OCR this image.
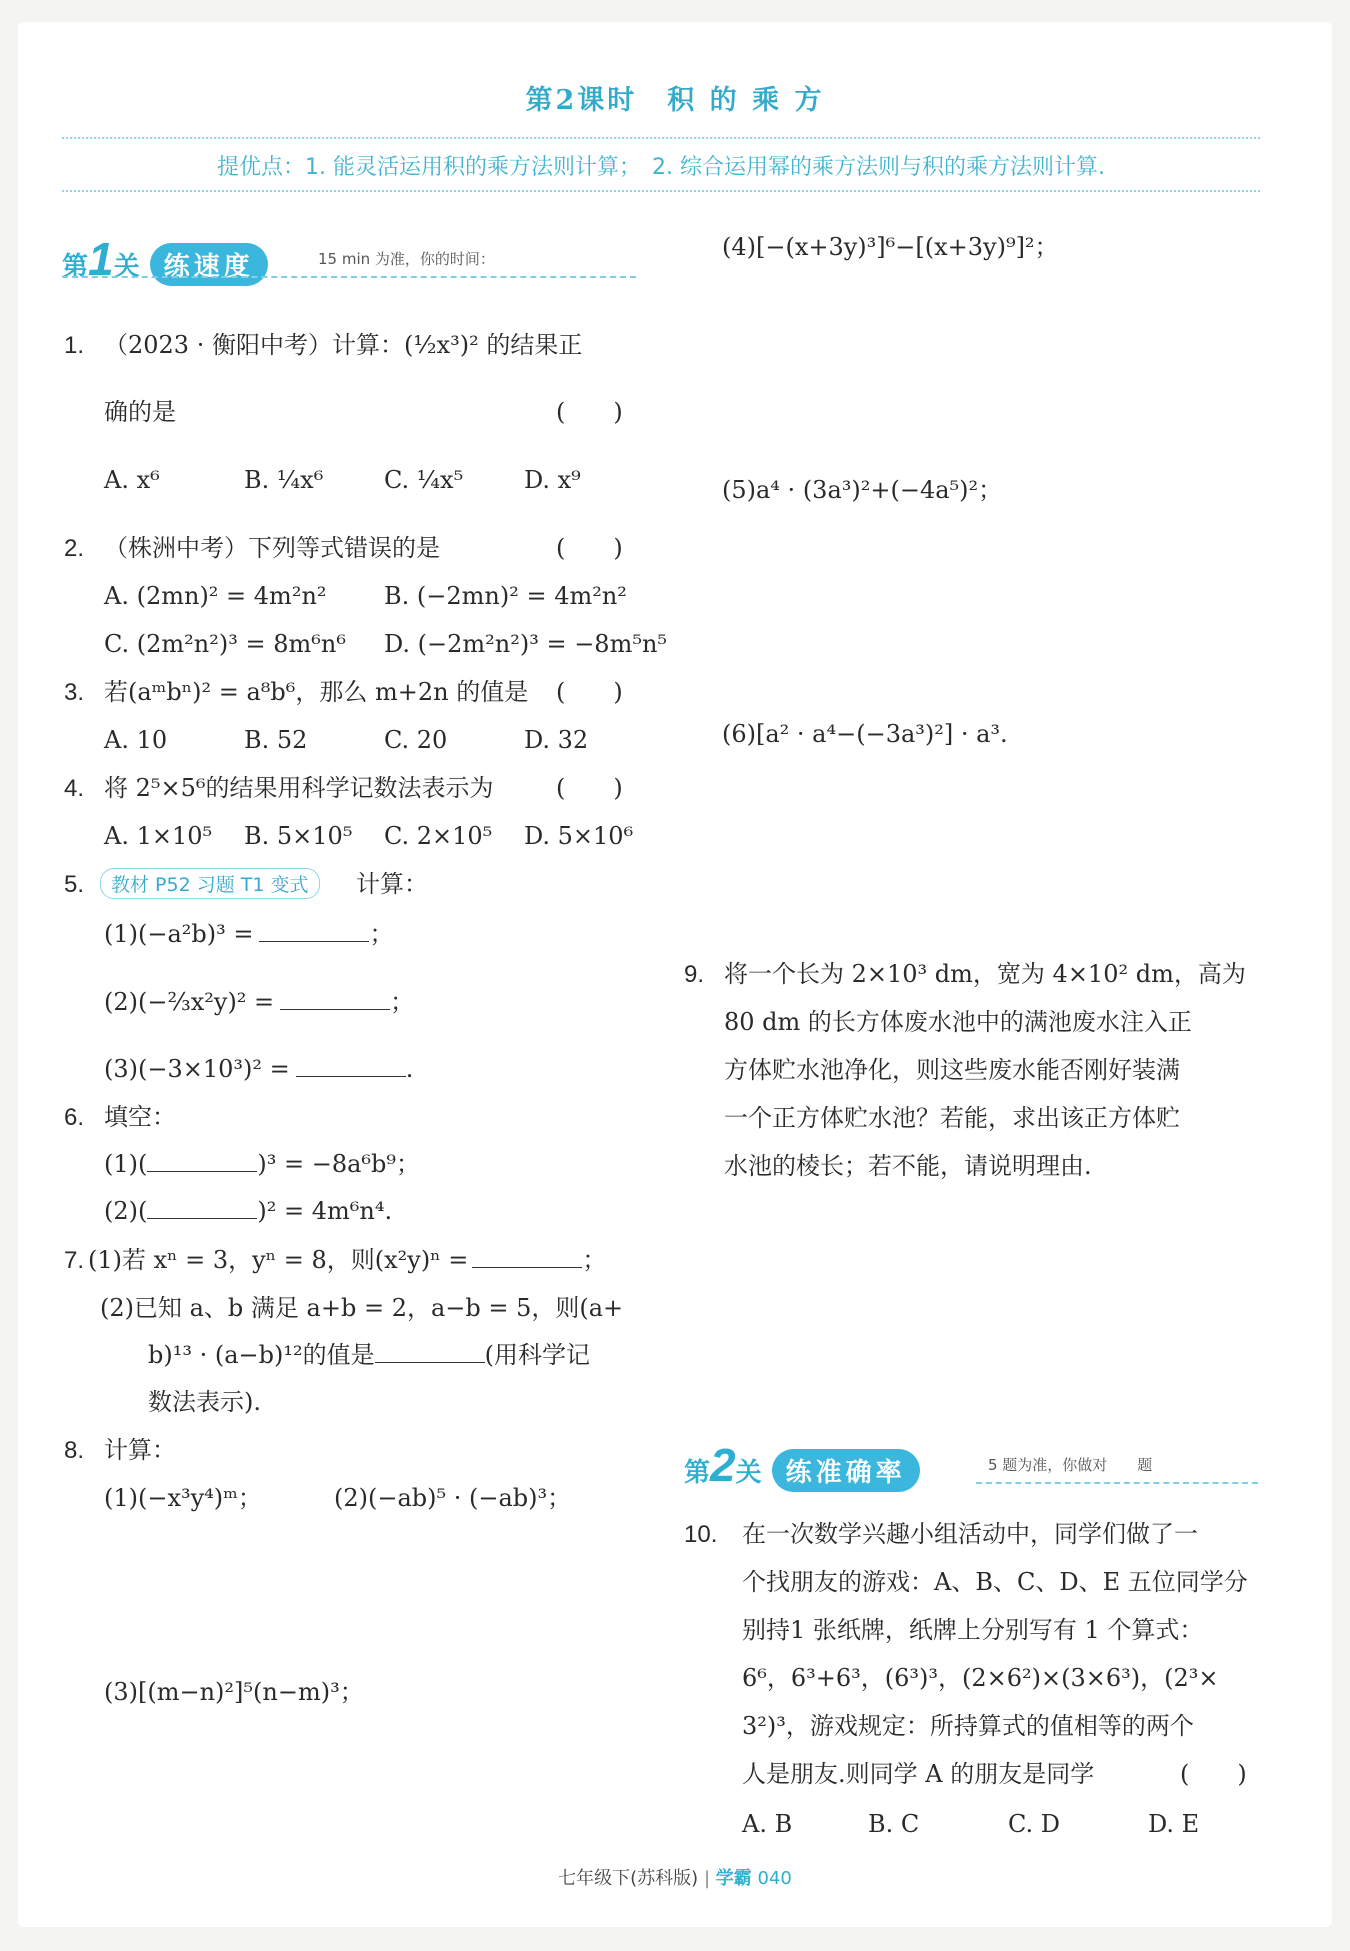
第2课时　积 的 乘 方
提优点：1. 能灵活运用积的乘方法则计算；　2. 综合运用幂的乘方法则与积的乘方法则计算.
第1关 练速度	15 min 为准，你的时间：
1. （2023 · 衡阳中考）计算：(½x³)² 的结果正
确的是	(　　)
A. x⁶	B. ¼x⁶	C. ¼x⁵	D. x⁹
2. （株洲中考）下列等式错误的是	(　　)
A. (2mn)² = 4m²n² B. (−2mn)² = 4m²n²
C. (2m²n²)³ = 8m⁶n⁶ D. (−2m²n²)³ = −8m⁵n⁵
3. 若(aᵐbⁿ)² = a⁸b⁶，那么 m+2n 的值是 (　　)
A. 10	B. 52	C. 20	D. 32
4. 将 2⁵×5⁶的结果用科学记数法表示为	(　　)
A. 1×10⁵ B. 5×10⁵ C. 2×10⁵ D. 5×10⁶
5.	教材 P52 习题 T1 变式	计算：
(1)(−a²b)³ =	；
(2)(−⅔x²y)² =	；
(3)(−3×10³)² =	.
6. 填空：
(1)(	)³ = −8a⁶b⁹；
(2)(	)² = 4m⁶n⁴.
7. (1)若 xⁿ = 3，yⁿ = 8，则(x²y)ⁿ =	；
(2)已知 a、b 满足 a+b = 2，a−b = 5，则(a+
b)¹³ · (a−b)¹²的值是	(用科学记
数法表示).
8. 计算：
(1)(−x³y⁴)ᵐ；	(2)(−ab)⁵ · (−ab)³；
(3)[(m−n)²]⁵(n−m)³；
(4)[−(x+3y)³]⁶−[(x+3y)⁹]²；
(5)a⁴ · (3a³)²+(−4a⁵)²；
(6)[a² · a⁴−(−3a³)²] · a³.
9. 将一个长为 2×10³ dm，宽为 4×10² dm，高为
80 dm 的长方体废水池中的满池废水注入正
方体贮水池净化，则这些废水能否刚好装满
一个正方体贮水池？若能，求出该正方体贮
水池的棱长；若不能，请说明理由.
第2关 练准确率	5 题为准，你做对　　题
10. 在一次数学兴趣小组活动中，同学们做了一
个找朋友的游戏：A、B、C、D、E 五位同学分
别持1 张纸牌，纸牌上分别写有 1 个算式：
6⁶，6³+6³，(6³)³，(2×6²)×(3×6³)，(2³×
3²)³，游戏规定：所持算式的值相等的两个
人是朋友.则同学 A 的朋友是同学	(　　)
A. B	B. C	C. D	D. E
七年级下(苏科版) | 学霸 040
